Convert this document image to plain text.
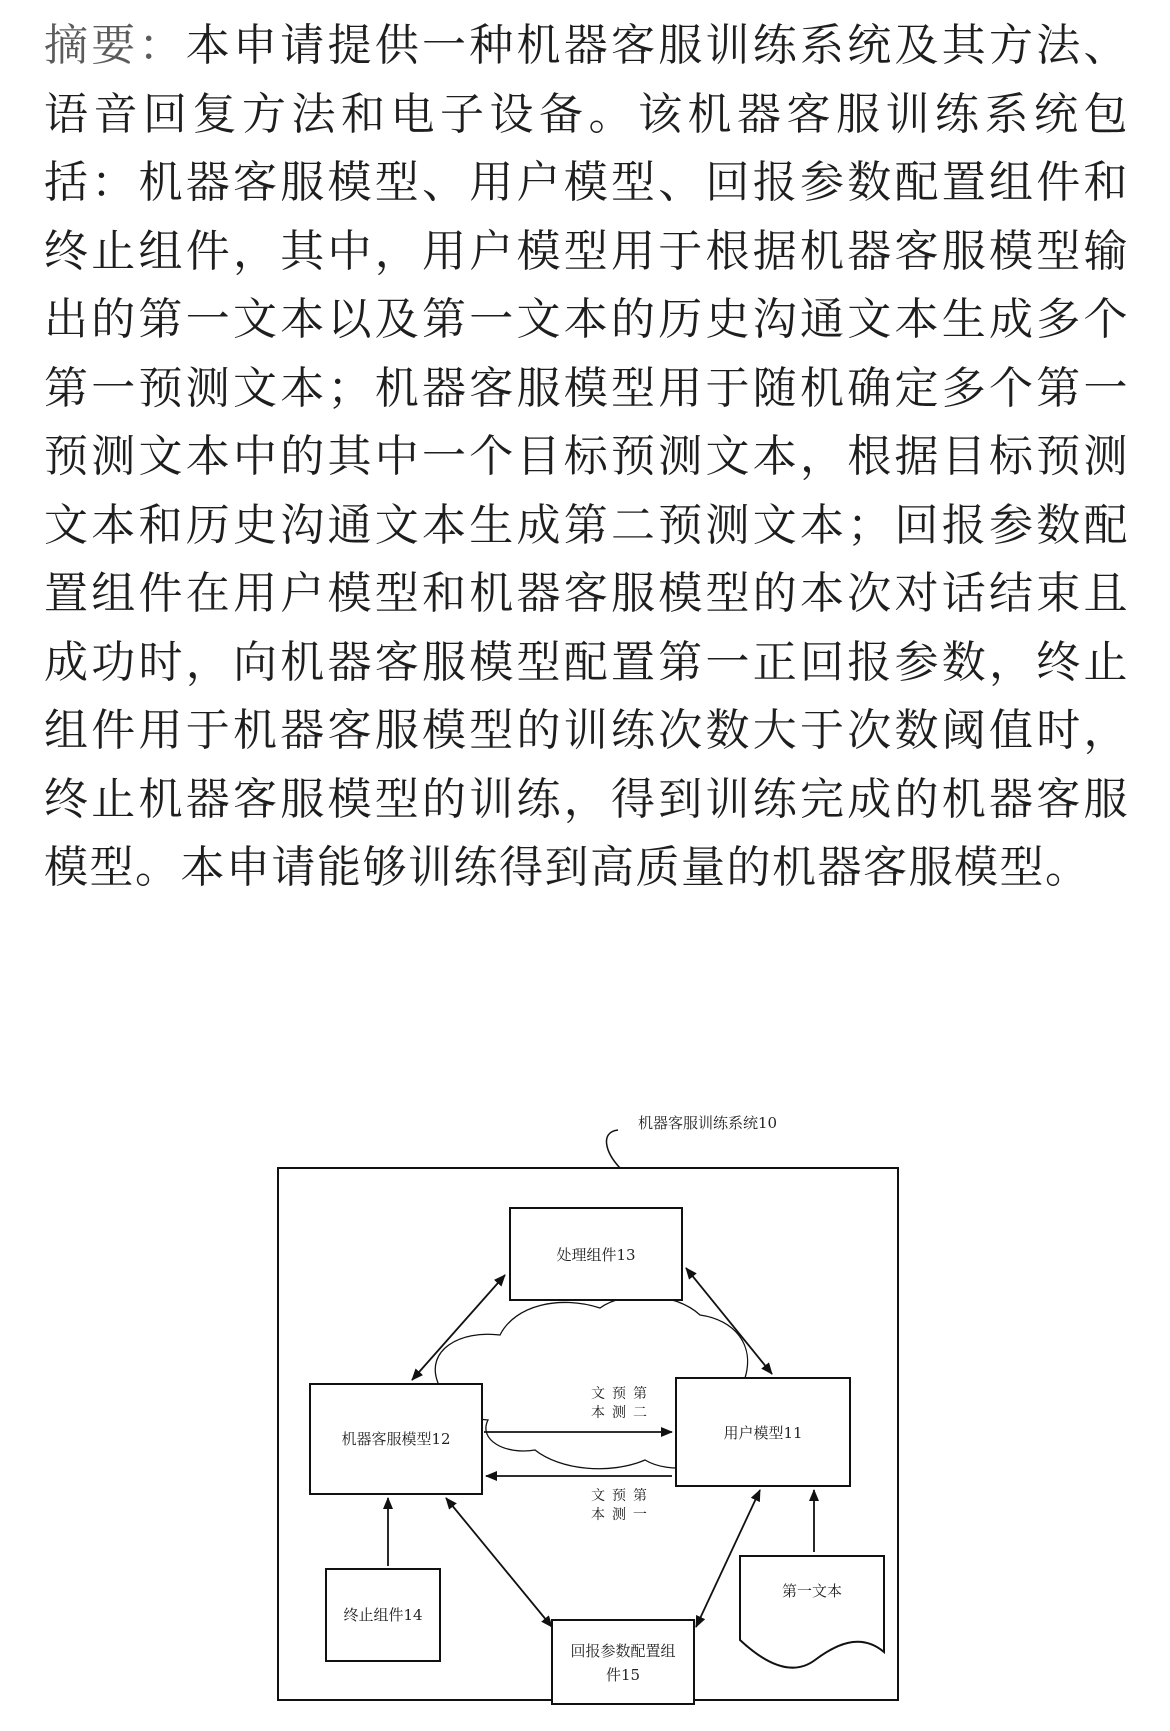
摘要：本申请提供一种机器客服训练系统及其方法、语音回复方法和电子设备。该机器客服训练系统包括：机器客服模型、用户模型、回报参数配置组件和终止组件，其中，用户模型用于根据机器客服模型输出的第一文本以及第一文本的历史沟通文本生成多个第一预测文本；机器客服模型用于随机确定多个第一预测文本中的其中一个目标预测文本，根据目标预测文本和历史沟通文本生成第二预测文本；回报参数配置组件在用户模型和机器客服模型的本次对话结束且成功时，向机器客服模型配置第一正回报参数，终止组件用于机器客服模型的训练次数大于次数阈值时，终止机器客服模型的训练，得到训练完成的机器客服模型。本申请能够训练得到高质量的机器客服模型。
机器客服训练系统10
处理组件13
机器客服模型12	用户模型11
终止组件14
回报参数配置组
件15
第一文本
第
二
预
测
文
本
第
一
预
测
文
本
